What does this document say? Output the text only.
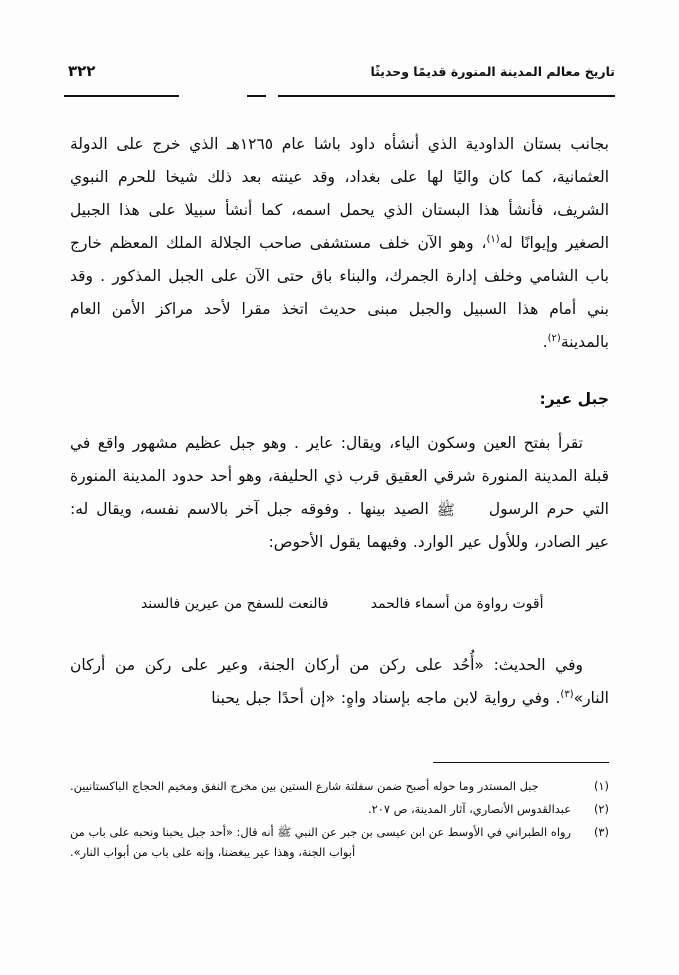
تاريخ معالم المدينة المنورة قديمًا وحديثًا
٣٢٢

بجانب بستان الداودية الذي أنشأه داود باشا عام ١٢٦٥هـ الذي خرج على الدولة العثمانية، كما كان واليًا لها على بغداد، وقد عينته بعد ذلك شيخا للحرم النبوي الشريف، فأنشأ هذا البستان الذي يحمل اسمه، كما أنشأ سبيلا على هذا الجبيل الصغير وإيوانًا له$^{(١)}$، وهو الآن خلف مستشفى صاحب الجلالة الملك المعظم خارج باب الشامي وخلف إدارة الجمرك، والبناء باق حتى الآن على الجبل المذكور . وقد بني أمام هذا السبيل والجبل مبنى حديث اتخذ مقرا لأحد مراكز الأمن العام بالمدينة$^{(٢)}$.

جبل عير:

تقرأ بفتح العين وسكون الياء، ويقال: عاير . وهو جبل عظيم مشهور واقع في قبلة المدينة المنورة شرقي العقيق قرب ذي الحليفة، وهو أحد حدود المدينة المنورة التي حرم الرسول ﷺ الصيد بينها . وفوقه جبل آخر بالاسم نفسه، ويقال له: عير الصادر، وللأول عير الوارد. وفيهما يقول الأحوص:

أقوت رواوة من أسماء فالحمد
فالنعت للسفح من عيرين فالسند

وفي الحديث: «أُحُد على ركن من أركان الجنة، وعير على ركن من أركان النار»$^{(٣)}$. وفي رواية لابن ماجه بإسناد واهٍ: «إن أحدًا جبل يحبنا

(١)
جبل المستدر وما حوله أصبح ضمن سفلتة شارع الستين بين مخرج النفق ومخيم الحجاج الباكستانيين.
(٢)
عبدالقدوس الأنصاري، آثار المدينة، ص ٢٠٧.
(٣)
رواه الطبراني في الأوسط عن ابن عيسى بن جبر عن النبي ﷺ أنه قال: «أحد جبل يحبنا ونحبه على باب من أبواب الجنة، وهذا عير يبغضنا، وإنه على باب من أبواب النار».
